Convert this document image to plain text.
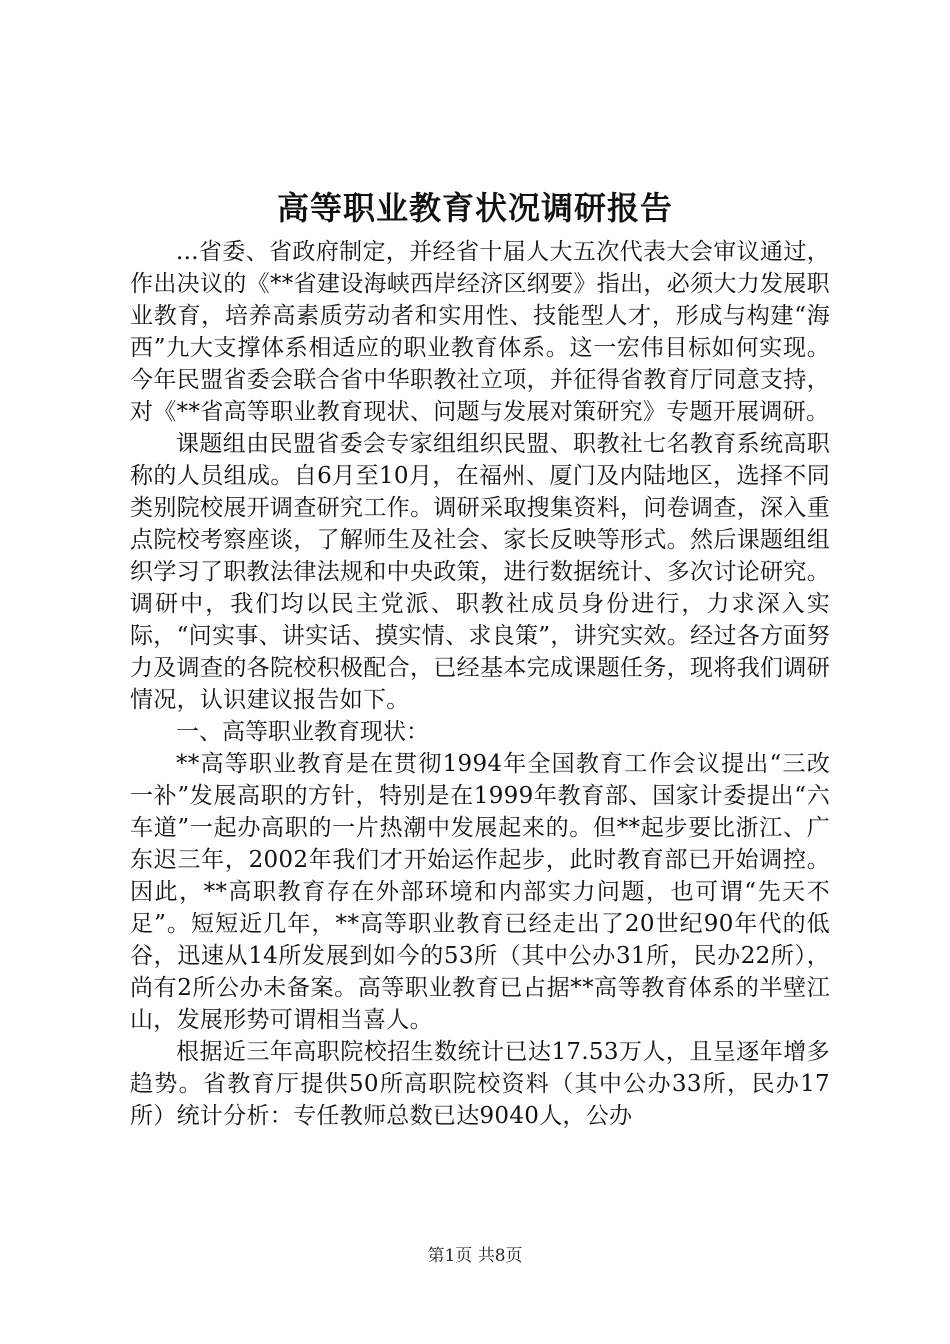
高等职业教育状况调研报告

...省委、省政府制定，并经省十届人大五次代表大会审议通过，作出决议的《**省建设海峡西岸经济区纲要》指出，必须大力发展职业教育，培养高素质劳动者和实用性、技能型人才，形成与构建“海西”九大支撑体系相适应的职业教育体系。这一宏伟目标如何实现。今年民盟省委会联合省中华职教社立项，并征得省教育厅同意支持，对《**省高等职业教育现状、问题与发展对策研究》专题开展调研。

课题组由民盟省委会专家组组织民盟、职教社七名教育系统高职称的人员组成。自6月至10月，在福州、厦门及内陆地区，选择不同类别院校展开调查研究工作。调研采取搜集资料，问卷调查，深入重点院校考察座谈，了解师生及社会、家长反映等形式。然后课题组组织学习了职教法律法规和中央政策，进行数据统计、多次讨论研究。调研中，我们均以民主党派、职教社成员身份进行，力求深入实际，“问实事、讲实话、摸实情、求良策”，讲究实效。经过各方面努力及调查的各院校积极配合，已经基本完成课题任务，现将我们调研情况，认识建议报告如下。

一、高等职业教育现状：

**高等职业教育是在贯彻1994年全国教育工作会议提出“三改一补”发展高职的方针，特别是在1999年教育部、国家计委提出“六车道”一起办高职的一片热潮中发展起来的。但**起步要比浙江、广东迟三年，2002年我们才开始运作起步，此时教育部已开始调控。因此，**高职教育存在外部环境和内部实力问题，也可谓“先天不足”。短短近几年，**高等职业教育已经走出了20世纪90年代的低谷，迅速从14所发展到如今的53所（其中公办31所，民办22所），尚有2所公办未备案。高等职业教育已占据**高等教育体系的半壁江山，发展形势可谓相当喜人。

根据近三年高职院校招生数统计已达17.53万人，且呈逐年增多趋势。省教育厅提供50所高职院校资料（其中公办33所，民办17所）统计分析：专任教师总数已达9040人，公办

第1页 共8页
